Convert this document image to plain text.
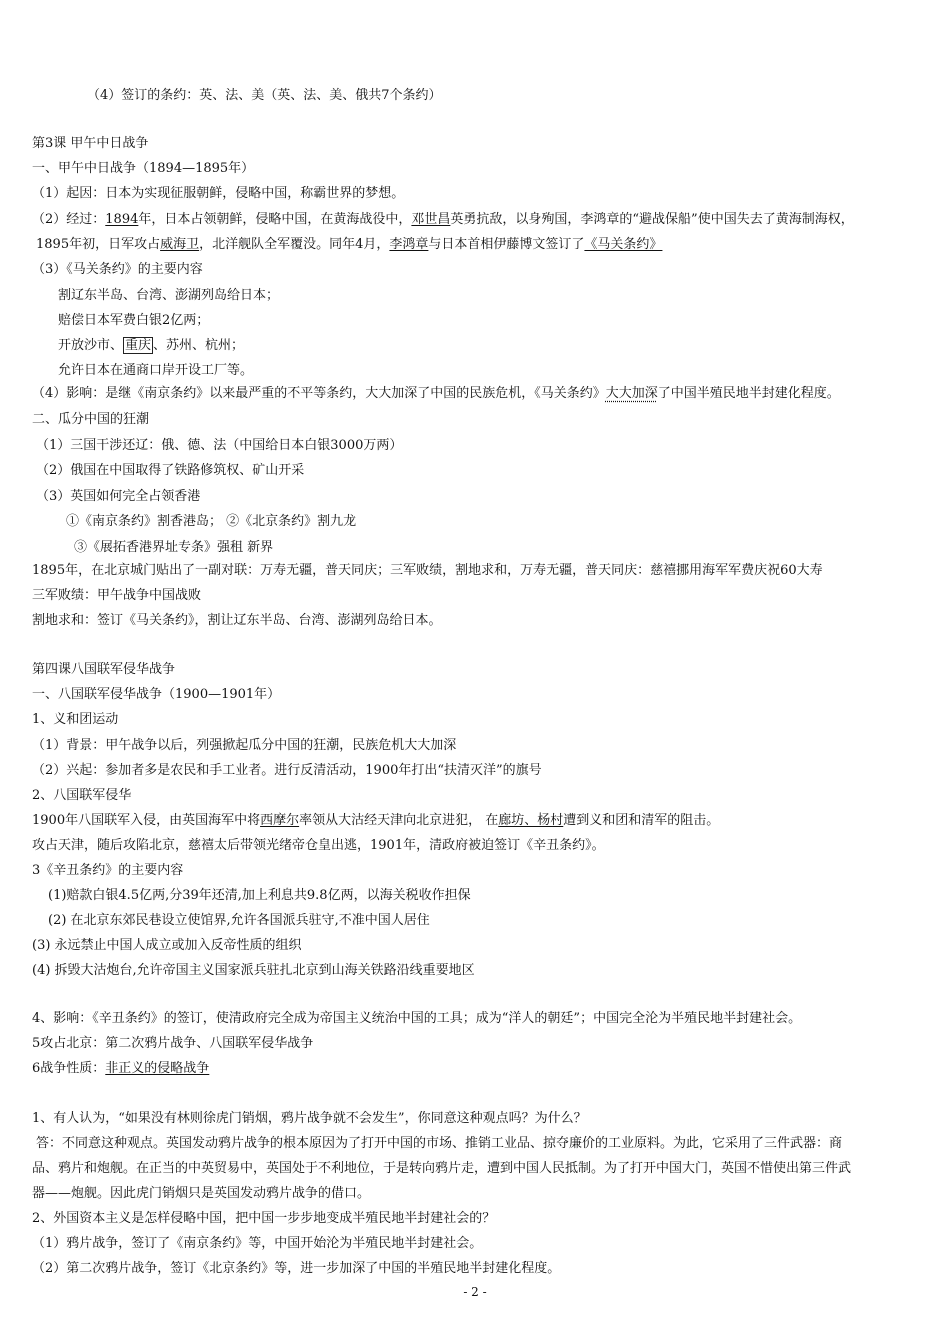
（4）签订的条约：英、法、美（英、法、美、俄共7个条约）
第3课 甲午中日战争
一、甲午中日战争（1894—1895年）
（1）起因：日本为实现征服朝鲜，侵略中国，称霸世界的梦想。
（2）经过：1894年，日本占领朝鲜，侵略中国，在黄海战役中，邓世昌英勇抗敌，以身殉国，李鸿章的“避战保船”使中国失去了黄海制海权，
1895年初，日军攻占威海卫，北洋舰队全军覆没。同年4月，李鸿章与日本首相伊藤博文签订了《马关条约》
（3）《马关条约》的主要内容
割辽东半岛、台湾、澎湖列岛给日本；
赔偿日本军费白银2亿两；
开放沙市、 重庆 、苏州、杭州；
允许日本在通商口岸开设工厂等。
（4）影响：是继《南京条约》以来最严重的不平等条约，大大加深了中国的民族危机，《马关条约》大大加深了中国半殖民地半封建化程度。
二、瓜分中国的狂潮
（1）三国干涉还辽：俄、德、法（中国给日本白银3000万两）
（2）俄国在中国取得了铁路修筑权、矿山开采
（3）英国如何完全占领香港
①《南京条约》割香港岛； ②《北京条约》割九龙
③《展拓香港界址专条》强租 新界
1895年，在北京城门贴出了一副对联：万寿无疆，普天同庆；三军败绩，割地求和，万寿无疆，普天同庆：慈禧挪用海军军费庆祝60大寿
三军败绩：甲午战争中国战败
割地求和：签订《马关条约》，割让辽东半岛、台湾、澎湖列岛给日本。
第四课八国联军侵华战争
一、八国联军侵华战争（1900—1901年）
1、义和团运动
（1）背景：甲午战争以后，列强掀起瓜分中国的狂潮，民族危机大大加深
（2）兴起：参加者多是农民和手工业者。进行反清活动，1900年打出“扶清灭洋”的旗号
2、八国联军侵华
1900年八国联军入侵，由英国海军中将西摩尔率领从大沽经天津向北京进犯， 在廊坊、杨村遭到义和团和清军的阻击。
攻占天津，随后攻陷北京，慈禧太后带领光绪帝仓皇出逃，1901年，清政府被迫签订《辛丑条约》。
3《辛丑条约》的主要内容
(1)赔款白银4.5亿两,分39年还清,加上利息共9.8亿两，以海关税收作担保
(2) 在北京东郊民巷设立使馆界,允许各国派兵驻守,不准中国人居住
(3) 永远禁止中国人成立或加入反帝性质的组织
(4) 拆毁大沽炮台,允许帝国主义国家派兵驻扎北京到山海关铁路沿线重要地区
4、影响：《辛丑条约》的签订，使清政府完全成为帝国主义统治中国的工具；成为“洋人的朝廷”；中国完全沦为半殖民地半封建社会。
5攻占北京：第二次鸦片战争、八国联军侵华战争
6战争性质：非正义的侵略战争
1、有人认为，“如果没有林则徐虎门销烟，鸦片战争就不会发生”，你同意这种观点吗？为什么？
答：不同意这种观点。英国发动鸦片战争的根本原因为了打开中国的市场、推销工业品、掠夺廉价的工业原料。为此，它采用了三件武器：商
品、鸦片和炮舰。在正当的中英贸易中，英国处于不利地位，于是转向鸦片走，遭到中国人民抵制。为了打开中国大门，英国不惜使出第三件武
器——炮舰。因此虎门销烟只是英国发动鸦片战争的借口。
2、外国资本主义是怎样侵略中国，把中国一步步地变成半殖民地半封建社会的？
（1）鸦片战争，签订了《南京条约》等，中国开始沦为半殖民地半封建社会。
（2）第二次鸦片战争，签订《北京条约》等，进一步加深了中国的半殖民地半封建化程度。
- 2 -
